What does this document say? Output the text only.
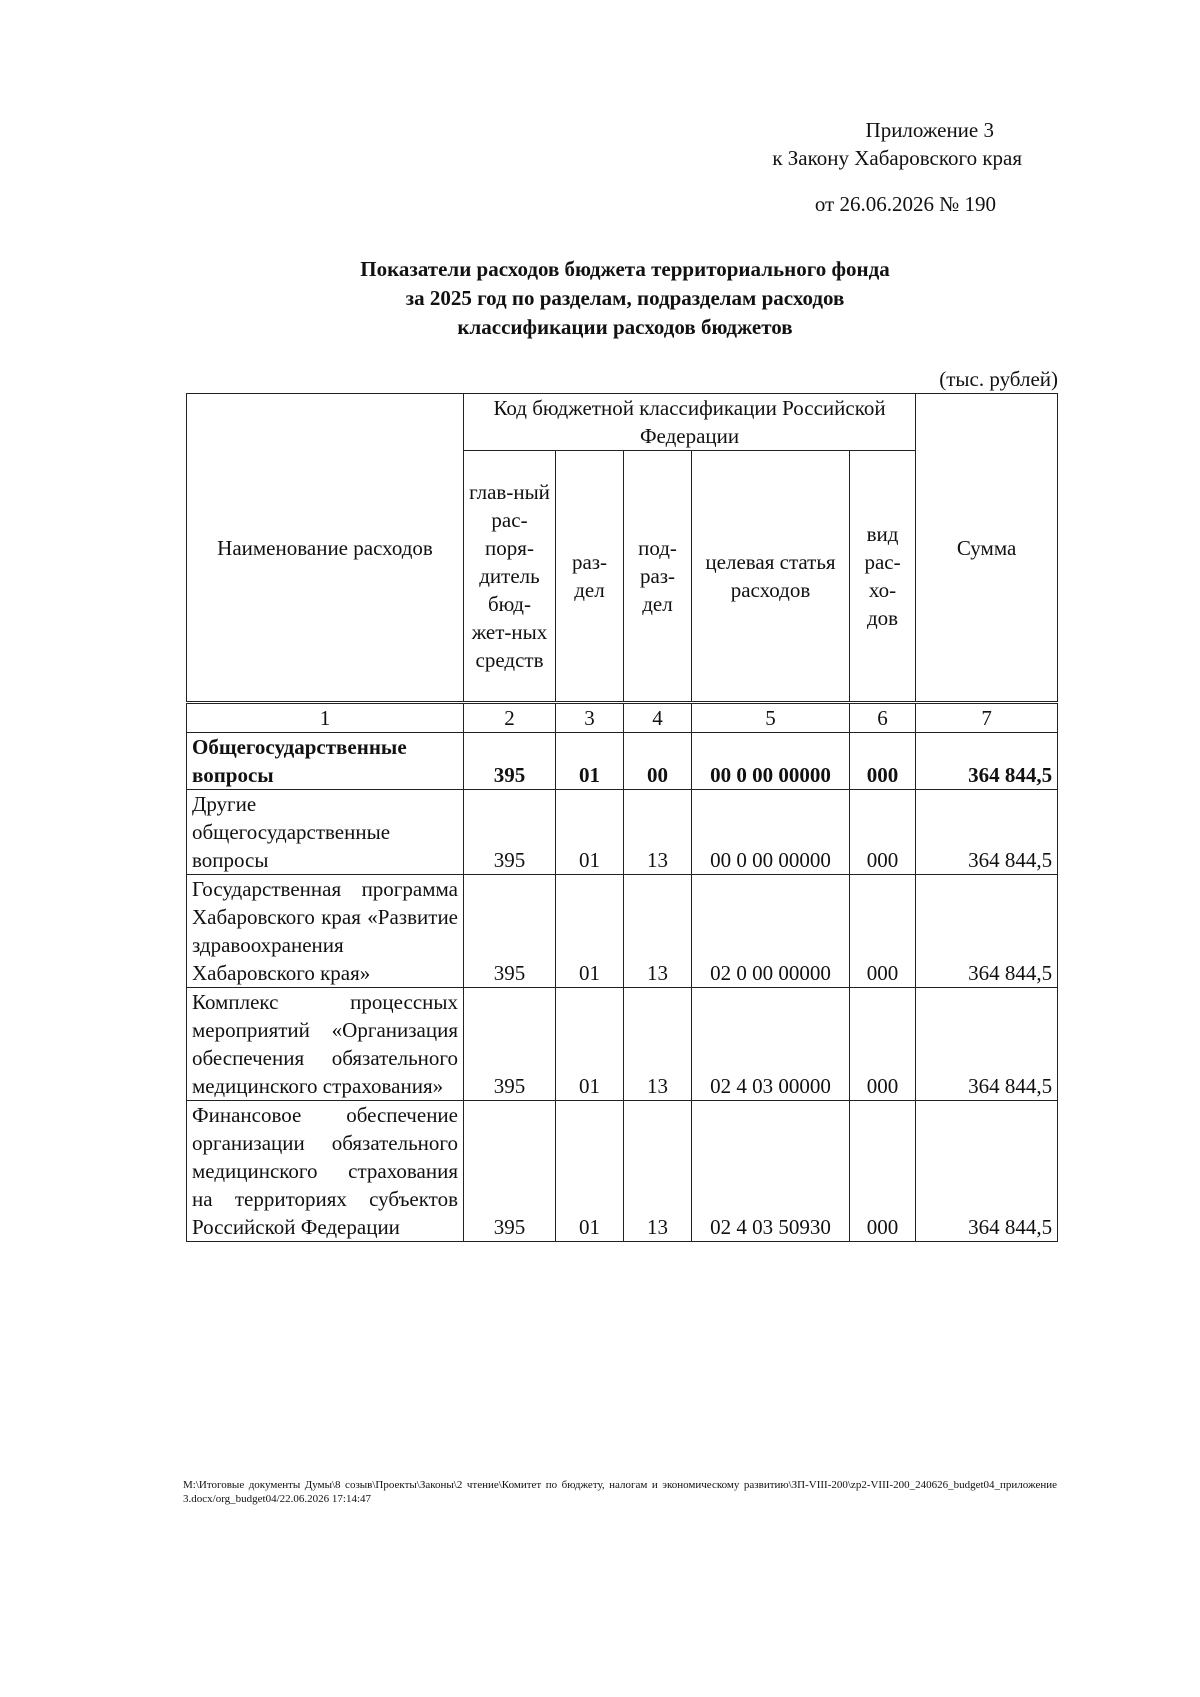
Приложение 3
к Закону Хабаровского края
от 26.06.2026 № 190
Показатели расходов бюджета территориального фонда
за 2025 год по разделам, подразделам расходов
классификации расходов бюджетов
(тыс. рублей)
Наименование расходов	Код бюджетной классификации Российской Федерации					Сумма
	глав-ный рас-поря-дитель бюд-жет-ных средств	раз-дел	под-раз-дел	целевая статья расходов	вид рас-хо-дов	
1	2	3	4	5	6	7
Общегосударственные вопросы	395	01	00	00 0 00 00000	000	364 844,5
Другие общегосударственные вопросы	395	01	13	00 0 00 00000	000	364 844,5
Государственная программа Хабаровского края «Развитие здравоохранения Хабаровского края»	395	01	13	02 0 00 00000	000	364 844,5
Комплекс процессных мероприятий «Организация обеспечения обязательного медицинского страхования»	395	01	13	02 4 03 00000	000	364 844,5
Финансовое обеспечение организации обязательного медицинского страхования на территориях субъектов Российской Федерации	395	01	13	02 4 03 50930	000	364 844,5
M:\Итоговые документы Думы\8 созыв\Проекты\Законы\2 чтение\Комитет по бюджету, налогам и экономическому развитию\ЗП-VIII-200\zp2-VIII-200_240626_budget04_приложение 3.docx/org_budget04/22.06.2026 17:14:47
